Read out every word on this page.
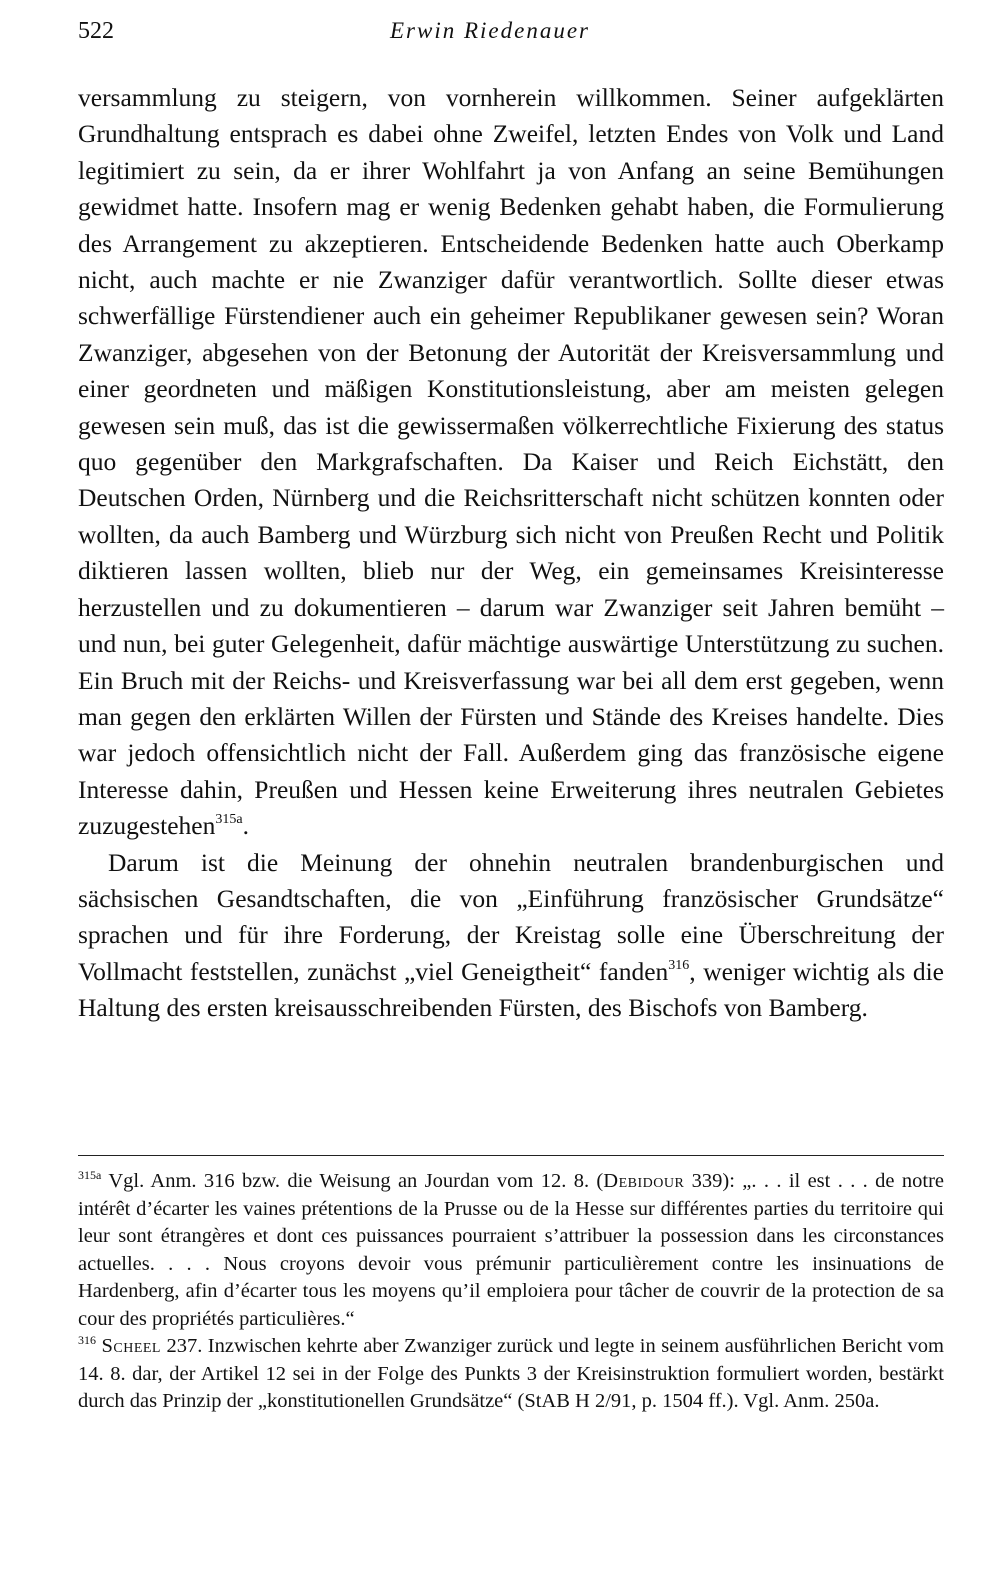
522	Erwin Riedenauer

versammlung zu steigern, von vornherein willkommen. Seiner aufgeklärten Grundhaltung entsprach es dabei ohne Zweifel, letzten Endes von Volk und Land legitimiert zu sein, da er ihrer Wohlfahrt ja von Anfang an seine Bemühungen gewidmet hatte. Insofern mag er wenig Bedenken gehabt haben, die Formulierung des Arrangement zu akzeptieren. Entscheidende Bedenken hatte auch Oberkamp nicht, auch machte er nie Zwanziger dafür verantwortlich. Sollte dieser etwas schwerfällige Fürstendiener auch ein geheimer Republikaner gewesen sein? Woran Zwanziger, abgesehen von der Betonung der Autorität der Kreisversammlung und einer geordneten und mäßigen Konstitutionsleistung, aber am meisten gelegen gewesen sein muß, das ist die gewissermaßen völkerrechtliche Fixierung des status quo gegenüber den Markgrafschaften. Da Kaiser und Reich Eichstätt, den Deutschen Orden, Nürnberg und die Reichsritterschaft nicht schützen konnten oder wollten, da auch Bamberg und Würzburg sich nicht von Preußen Recht und Politik diktieren lassen wollten, blieb nur der Weg, ein gemeinsames Kreisinteresse herzustellen und zu dokumentieren – darum war Zwanziger seit Jahren bemüht – und nun, bei guter Gelegenheit, dafür mächtige auswärtige Unterstützung zu suchen. Ein Bruch mit der Reichs- und Kreisverfassung war bei all dem erst gegeben, wenn man gegen den erklärten Willen der Fürsten und Stände des Kreises handelte. Dies war jedoch offensichtlich nicht der Fall. Außerdem ging das französische eigene Interesse dahin, Preußen und Hessen keine Erweiterung ihres neutralen Gebietes zuzugestehen$^{315a}$.

Darum ist die Meinung der ohnehin neutralen brandenburgischen und sächsischen Gesandtschaften, die von „Einführung französischer Grundsätze“ sprachen und für ihre Forderung, der Kreistag solle eine Überschreitung der Vollmacht feststellen, zunächst „viel Geneigtheit“ fanden$^{316}$, weniger wichtig als die Haltung des ersten kreisausschreibenden Fürsten, des Bischofs von Bamberg.

$^{315a}$ Vgl. Anm. 316 bzw. die Weisung an Jourdan vom 12. 8. (Debidour 339): „. . . il est . . . de notre intérêt d’écarter les vaines prétentions de la Prusse ou de la Hesse sur différentes parties du territoire qui leur sont étrangères et dont ces puissances pourraient s’attribuer la possession dans les circonstances actuelles. . . . Nous croyons devoir vous prémunir particulièrement contre les insinuations de Hardenberg, afin d’écarter tous les moyens qu’il emploiera pour tâcher de couvrir de la protection de sa cour des propriétés particulières.“

$^{316}$ Scheel 237. Inzwischen kehrte aber Zwanziger zurück und legte in seinem ausführlichen Bericht vom 14. 8. dar, der Artikel 12 sei in der Folge des Punkts 3 der Kreisinstruktion formuliert worden, bestärkt durch das Prinzip der „konstitutionellen Grundsätze“ (StAB H 2/91, p. 1504 ff.). Vgl. Anm. 250a.
